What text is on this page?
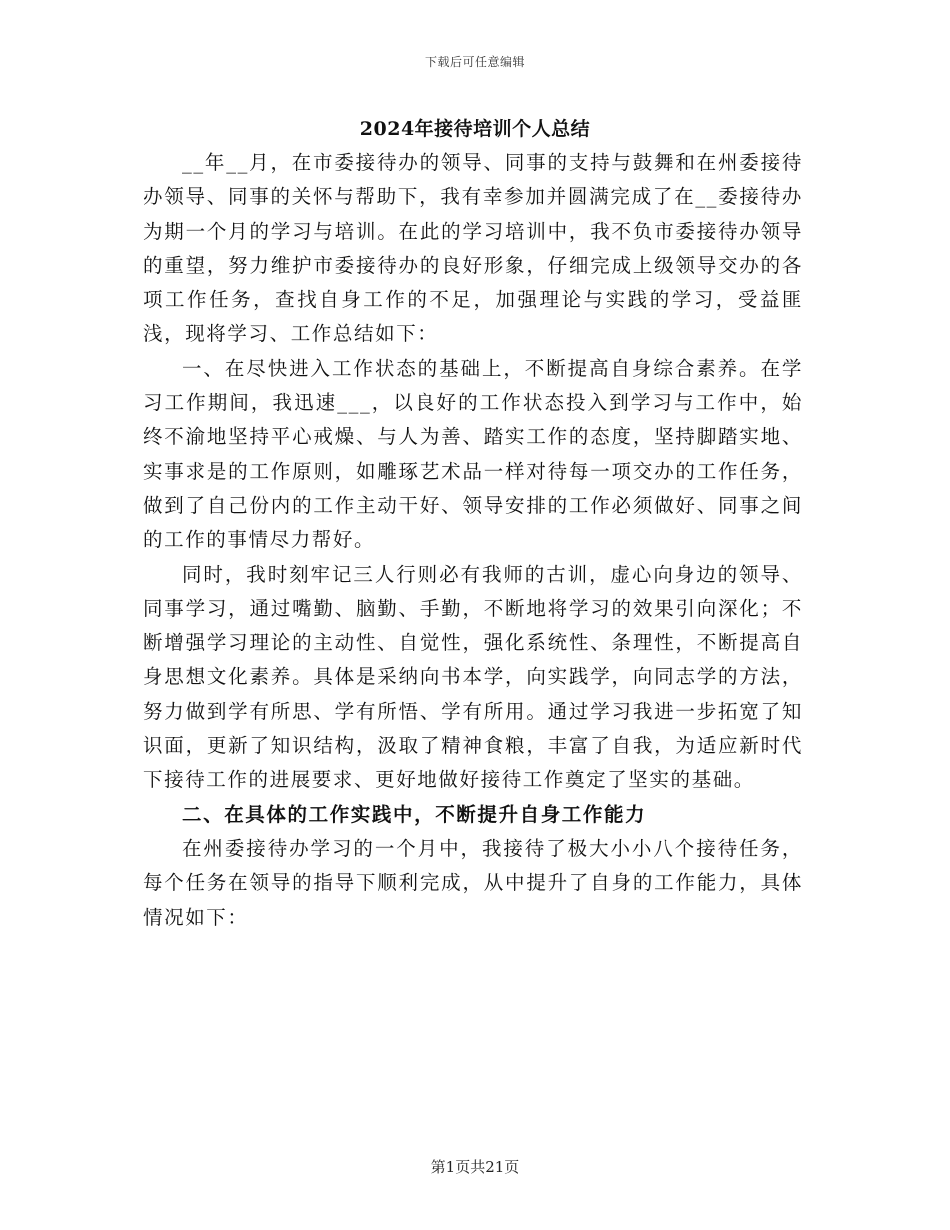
下载后可任意编辑
2024年接待培训个人总结

__年__月，在市委接待办的领导、同事的支持与鼓舞和在州委接待办领导、同事的关怀与帮助下，我有幸参加并圆满完成了在__委接待办为期一个月的学习与培训。在此的学习培训中，我不负市委接待办领导的重望，努力维护市委接待办的良好形象，仔细完成上级领导交办的各项工作任务，查找自身工作的不足，加强理论与实践的学习，受益匪浅，现将学习、工作总结如下：

一、在尽快进入工作状态的基础上，不断提高自身综合素养。在学习工作期间，我迅速___，以良好的工作状态投入到学习与工作中，始终不渝地坚持平心戒燥、与人为善、踏实工作的态度，坚持脚踏实地、实事求是的工作原则，如雕琢艺术品一样对待每一项交办的工作任务，做到了自己份内的工作主动干好、领导安排的工作必须做好、同事之间的工作的事情尽力帮好。

同时，我时刻牢记三人行则必有我师的古训，虚心向身边的领导、同事学习，通过嘴勤、脑勤、手勤，不断地将学习的效果引向深化；不断增强学习理论的主动性、自觉性，强化系统性、条理性，不断提高自身思想文化素养。具体是采纳向书本学，向实践学，向同志学的方法，努力做到学有所思、学有所悟、学有所用。通过学习我进一步拓宽了知识面，更新了知识结构，汲取了精神食粮，丰富了自我，为适应新时代下接待工作的进展要求、更好地做好接待工作奠定了坚实的基础。

二、在具体的工作实践中，不断提升自身工作能力

在州委接待办学习的一个月中，我接待了极大小小八个接待任务，每个任务在领导的指导下顺利完成，从中提升了自身的工作能力，具体情况如下：

第1页共21页
